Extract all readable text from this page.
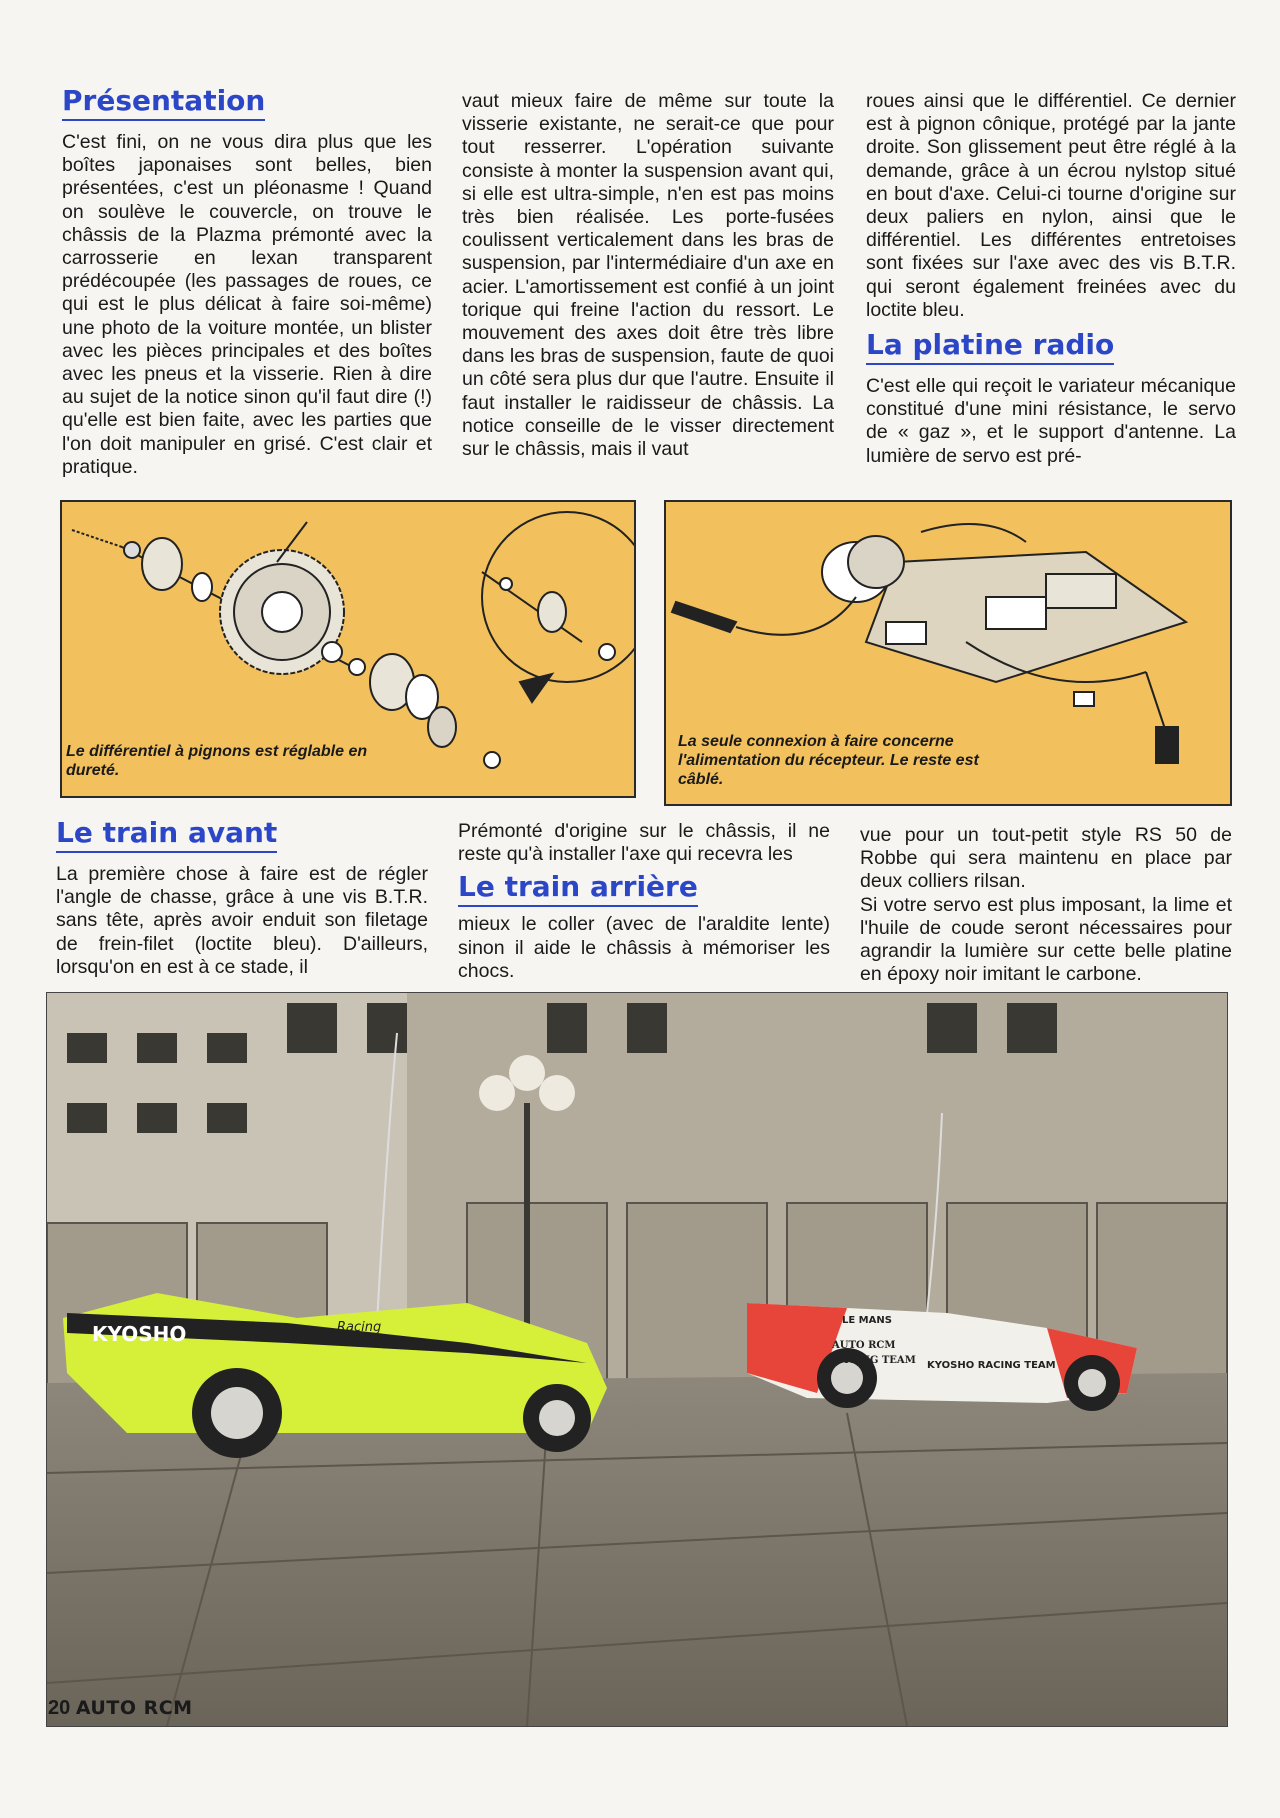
Présentation

C'est fini, on ne vous dira plus que les boîtes japonaises sont belles, bien présentées, c'est un pléonasme ! Quand on soulève le couvercle, on trouve le châssis de la Plazma prémonté avec la carrosserie en lexan transparent prédécoupée (les passages de roues, ce qui est le plus délicat à faire soi-même) une photo de la voiture montée, un blister avec les pièces principales et des boîtes avec les pneus et la visserie. Rien à dire au sujet de la notice sinon qu'il faut dire (!) qu'elle est bien faite, avec les parties que l'on doit manipuler en grisé. C'est clair et pratique.

vaut mieux faire de même sur toute la visserie existante, ne serait-ce que pour tout resserrer. L'opération suivante consiste à monter la suspension avant qui, si elle est ultra-simple, n'en est pas moins très bien réalisée. Les porte-fusées coulissent verticalement dans les bras de suspension, par l'intermédiaire d'un axe en acier. L'amortissement est confié à un joint torique qui freine l'action du ressort. Le mouvement des axes doit être très libre dans les bras de suspension, faute de quoi un côté sera plus dur que l'autre. Ensuite il faut installer le raidisseur de châssis. La notice conseille de le visser directement sur le châssis, mais il vaut

roues ainsi que le différentiel. Ce dernier est à pignon cônique, protégé par la jante droite. Son glissement peut être réglé à la demande, grâce à un écrou nylstop situé en bout d'axe. Celui-ci tourne d'origine sur deux paliers en nylon, ainsi que le différentiel. Les différentes entretoises sont fixées sur l'axe avec des vis B.T.R. qui seront également freinées avec du loctite bleu.

La platine radio

C'est elle qui reçoit le variateur mécanique constitué d'une mini résistance, le servo de « gaz », et le support d'antenne. La lumière de servo est pré-

Le différentiel à pignons est réglable en dureté.
La seule connexion à faire concerne l'alimentation du récepteur. Le reste est câblé.
Le train avant

La première chose à faire est de régler l'angle de chasse, grâce à une vis B.T.R. sans tête, après avoir enduit son filetage de frein-filet (loctite bleu). D'ailleurs, lorsqu'on en est à ce stade, il

Prémonté d'origine sur le châssis, il ne reste qu'à installer l'axe qui recevra les

Le train arrière

mieux le coller (avec de l'araldite lente) sinon il aide le châssis à mémoriser les chocs.

vue pour un tout-petit style RS 50 de Robbe qui sera maintenu en place par deux colliers rilsan.

Si votre servo est plus imposant, la lime et l'huile de coude seront nécessaires pour agrandir la lumière sur cette belle platine en époxy noir imitant le carbone.

KYOSHO	Racing	LE MANS
AUTO RCM
RACING TEAM KYOSHO RACING TEAM
20 AUTO RCM
